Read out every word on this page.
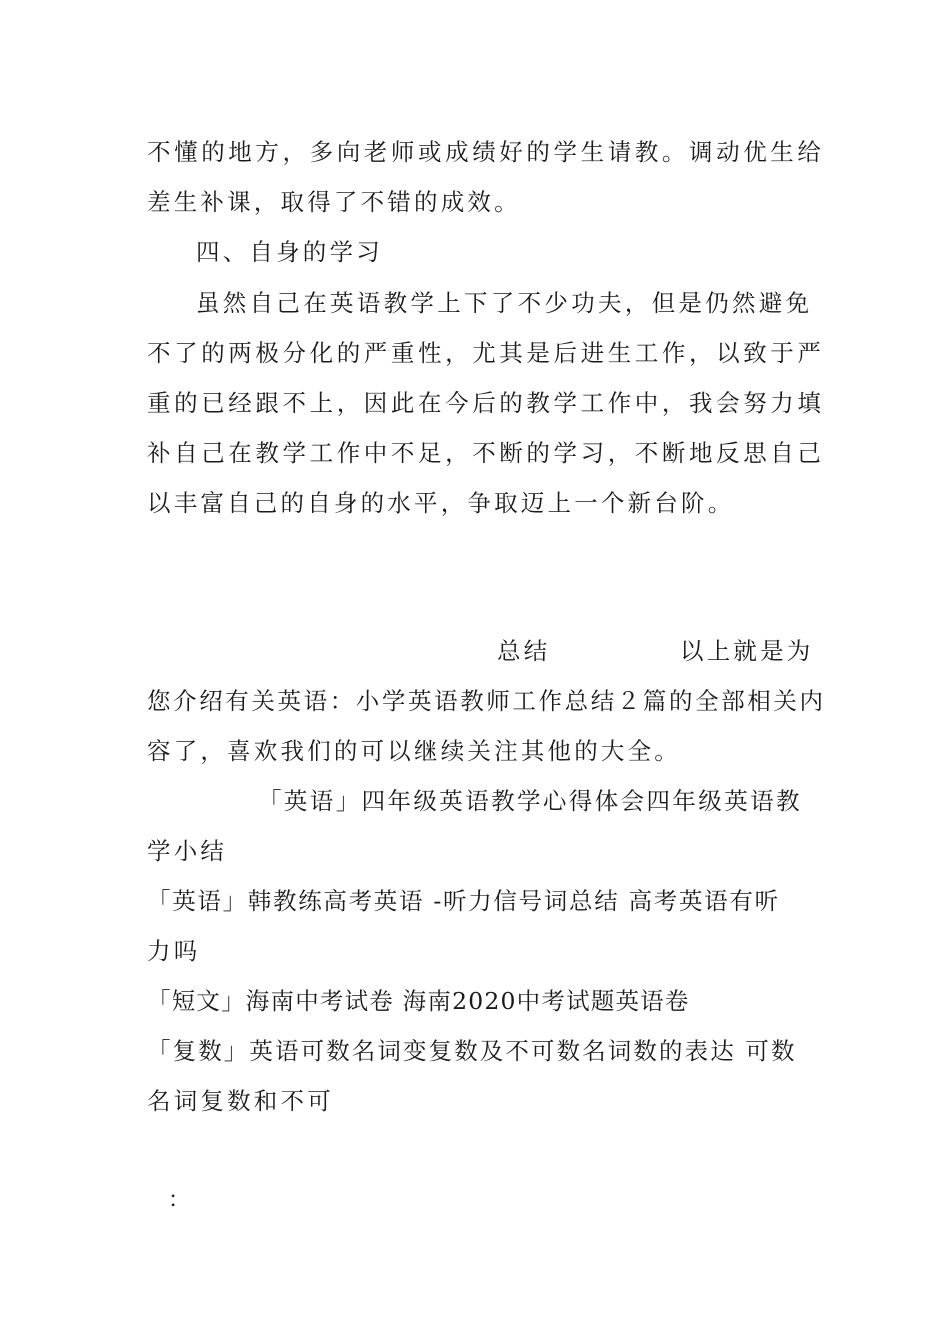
不懂的地方，多向老师或成绩好的学生请教。调动优生给
差生补课，取得了不错的成效。
四、自身的学习
虽然自己在英语教学上下了不少功夫，但是仍然避免
不了的两极分化的严重性，尤其是后进生工作，以致于严
重的已经跟不上，因此在今后的教学工作中，我会努力填
补自己在教学工作中不足，不断的学习，不断地反思自己
以丰富自己的自身的水平，争取迈上一个新台阶。
总结	以上就是为
您介绍有关英语：小学英语教师工作总结２篇的全部相关内
容了，喜欢我们的可以继续关注其他的大全。
「英语」四年级英语教学心得体会四年级英语教
学小结
「英语」韩教练高考英语 -听力信号词总结 高考英语有听
力吗
「短文」海南中考试卷 海南2020中考试题英语卷
「复数」英语可数名词变复数及不可数名词数的表达 可数
名词复数和不可
：
